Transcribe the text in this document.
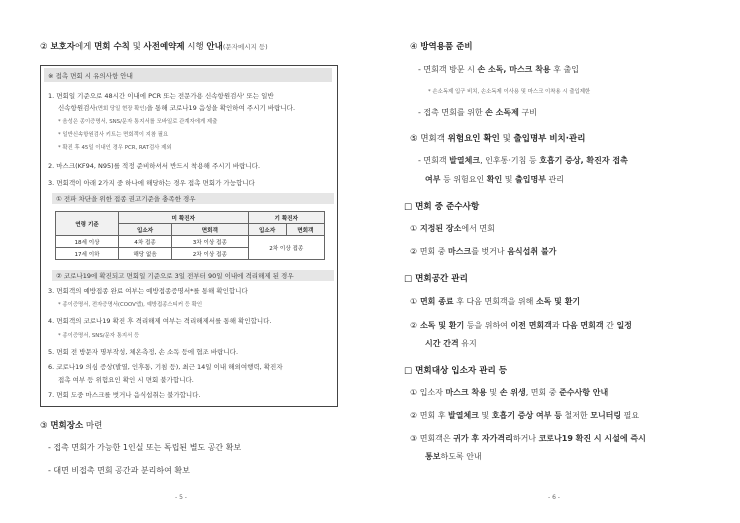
② 보호자에게 면회 수칙 및 사전예약제 시행 안내(문자메시지 등)
※ 접촉 면회 시 유의사항 안내
1. 면회일 기준으로 48시간 이내에 PCR 또는 전문가용 신속항원검사' 또는 일반
신속항원검사(면회 당일 현장 확인)을 통해 코로나19 음성을 확인하여 주시기 바랍니다.
* 음성은 종이증명서, SNS/문자 통지서를 모바일로 관계자에게 제출
* 일반신속항원검사 키트는 면회객이 지참 필요
* 확진 후 45일 이내인 경우 PCR, RAT검사 제외
2. 마스크(KF94, N95)를 적정 준비하셔서 반드시 착용해 주시기 바랍니다.
3. 면회객이 아래 2가지 중 하나에 해당하는 경우 접촉 면회가 가능합니다
① 전파 차단을 위한 접종 권고기준을 충족한 경우
연령 기준	미 확진자		기 확진자	
	입소자	면회객	입소자	면회객
18세 이상	4차 접종	3차 이상 접종	2차 이상 접종	
17세 이하	해당 없음	2차 이상 접종		
② 코로나19에 확진되고 면회일 기준으로 3일 전부터 90일 이내에 격리해제 된 경우
3. 면회객의 예방접종 완료 여부는 예방접종증명서*를 통해 확인합니다
* 종이증명서, 전자증명서(COOV앱), 예방접종스티커 등 확인
4. 면회객의 코로나19 확진 후 격리해제 여부는 격리해제서를 통해 확인합니다.
* 종이증명서, SNS/문자 통지서 등
5. 면회 전 방문자 명부작성, 체온측정, 손 소독 등에 협조 바랍니다.
6. 코로나19 의심 증상(발열, 인후통, 기침 등), 최근 14일 이내 해외여행력, 확진자
접촉 여부 등 위험요인 확인 시 면회 불가합니다.
7. 면회 도중 마스크를 벗거나 음식섭취는 불가합니다.
③ 면회장소 마련
- 접촉 면회가 가능한 1인실 또는 독립된 별도 공간 확보
- 대면 비접촉 면회 공간과 분리하여 확보
- 5 -
④ 방역용품 준비
- 면회객 방문 시 손 소독, 마스크 착용 후 출입
* 손소독제 입구 비치, 손소독제 이사용 및 마스크 이착용 시 출입제한
- 접촉 면회를 위한 손 소독제 구비
⑤ 면회객 위험요인 확인 및 출입명부 비치·관리
- 면회객 발열체크, 인후통·기침 등 호흡기 증상, 확진자 접촉
여부 등 위험요인 확인 및 출입명부 관리
□ 면회 중 준수사항
① 지정된 장소에서 면회
② 면회 중 마스크를 벗거나 음식섭취 불가
□ 면회공간 관리
① 면회 종료 후 다음 면회객을 위해 소독 및 환기
② 소독 및 환기 등을 위하여 이전 면회객과 다음 면회객 간 일정
시간 간격 유지
□ 면회대상 입소자 관리 등
① 입소자 마스크 착용 및 손 위생, 면회 중 준수사항 안내
② 면회 후 발열체크 및 호흡기 증상 여부 등 철저한 모니터링 필요
③ 면회객은 귀가 후 자가격리하거나 코로나19 확진 시 시설에 즉시
통보하도록 안내
- 6 -
